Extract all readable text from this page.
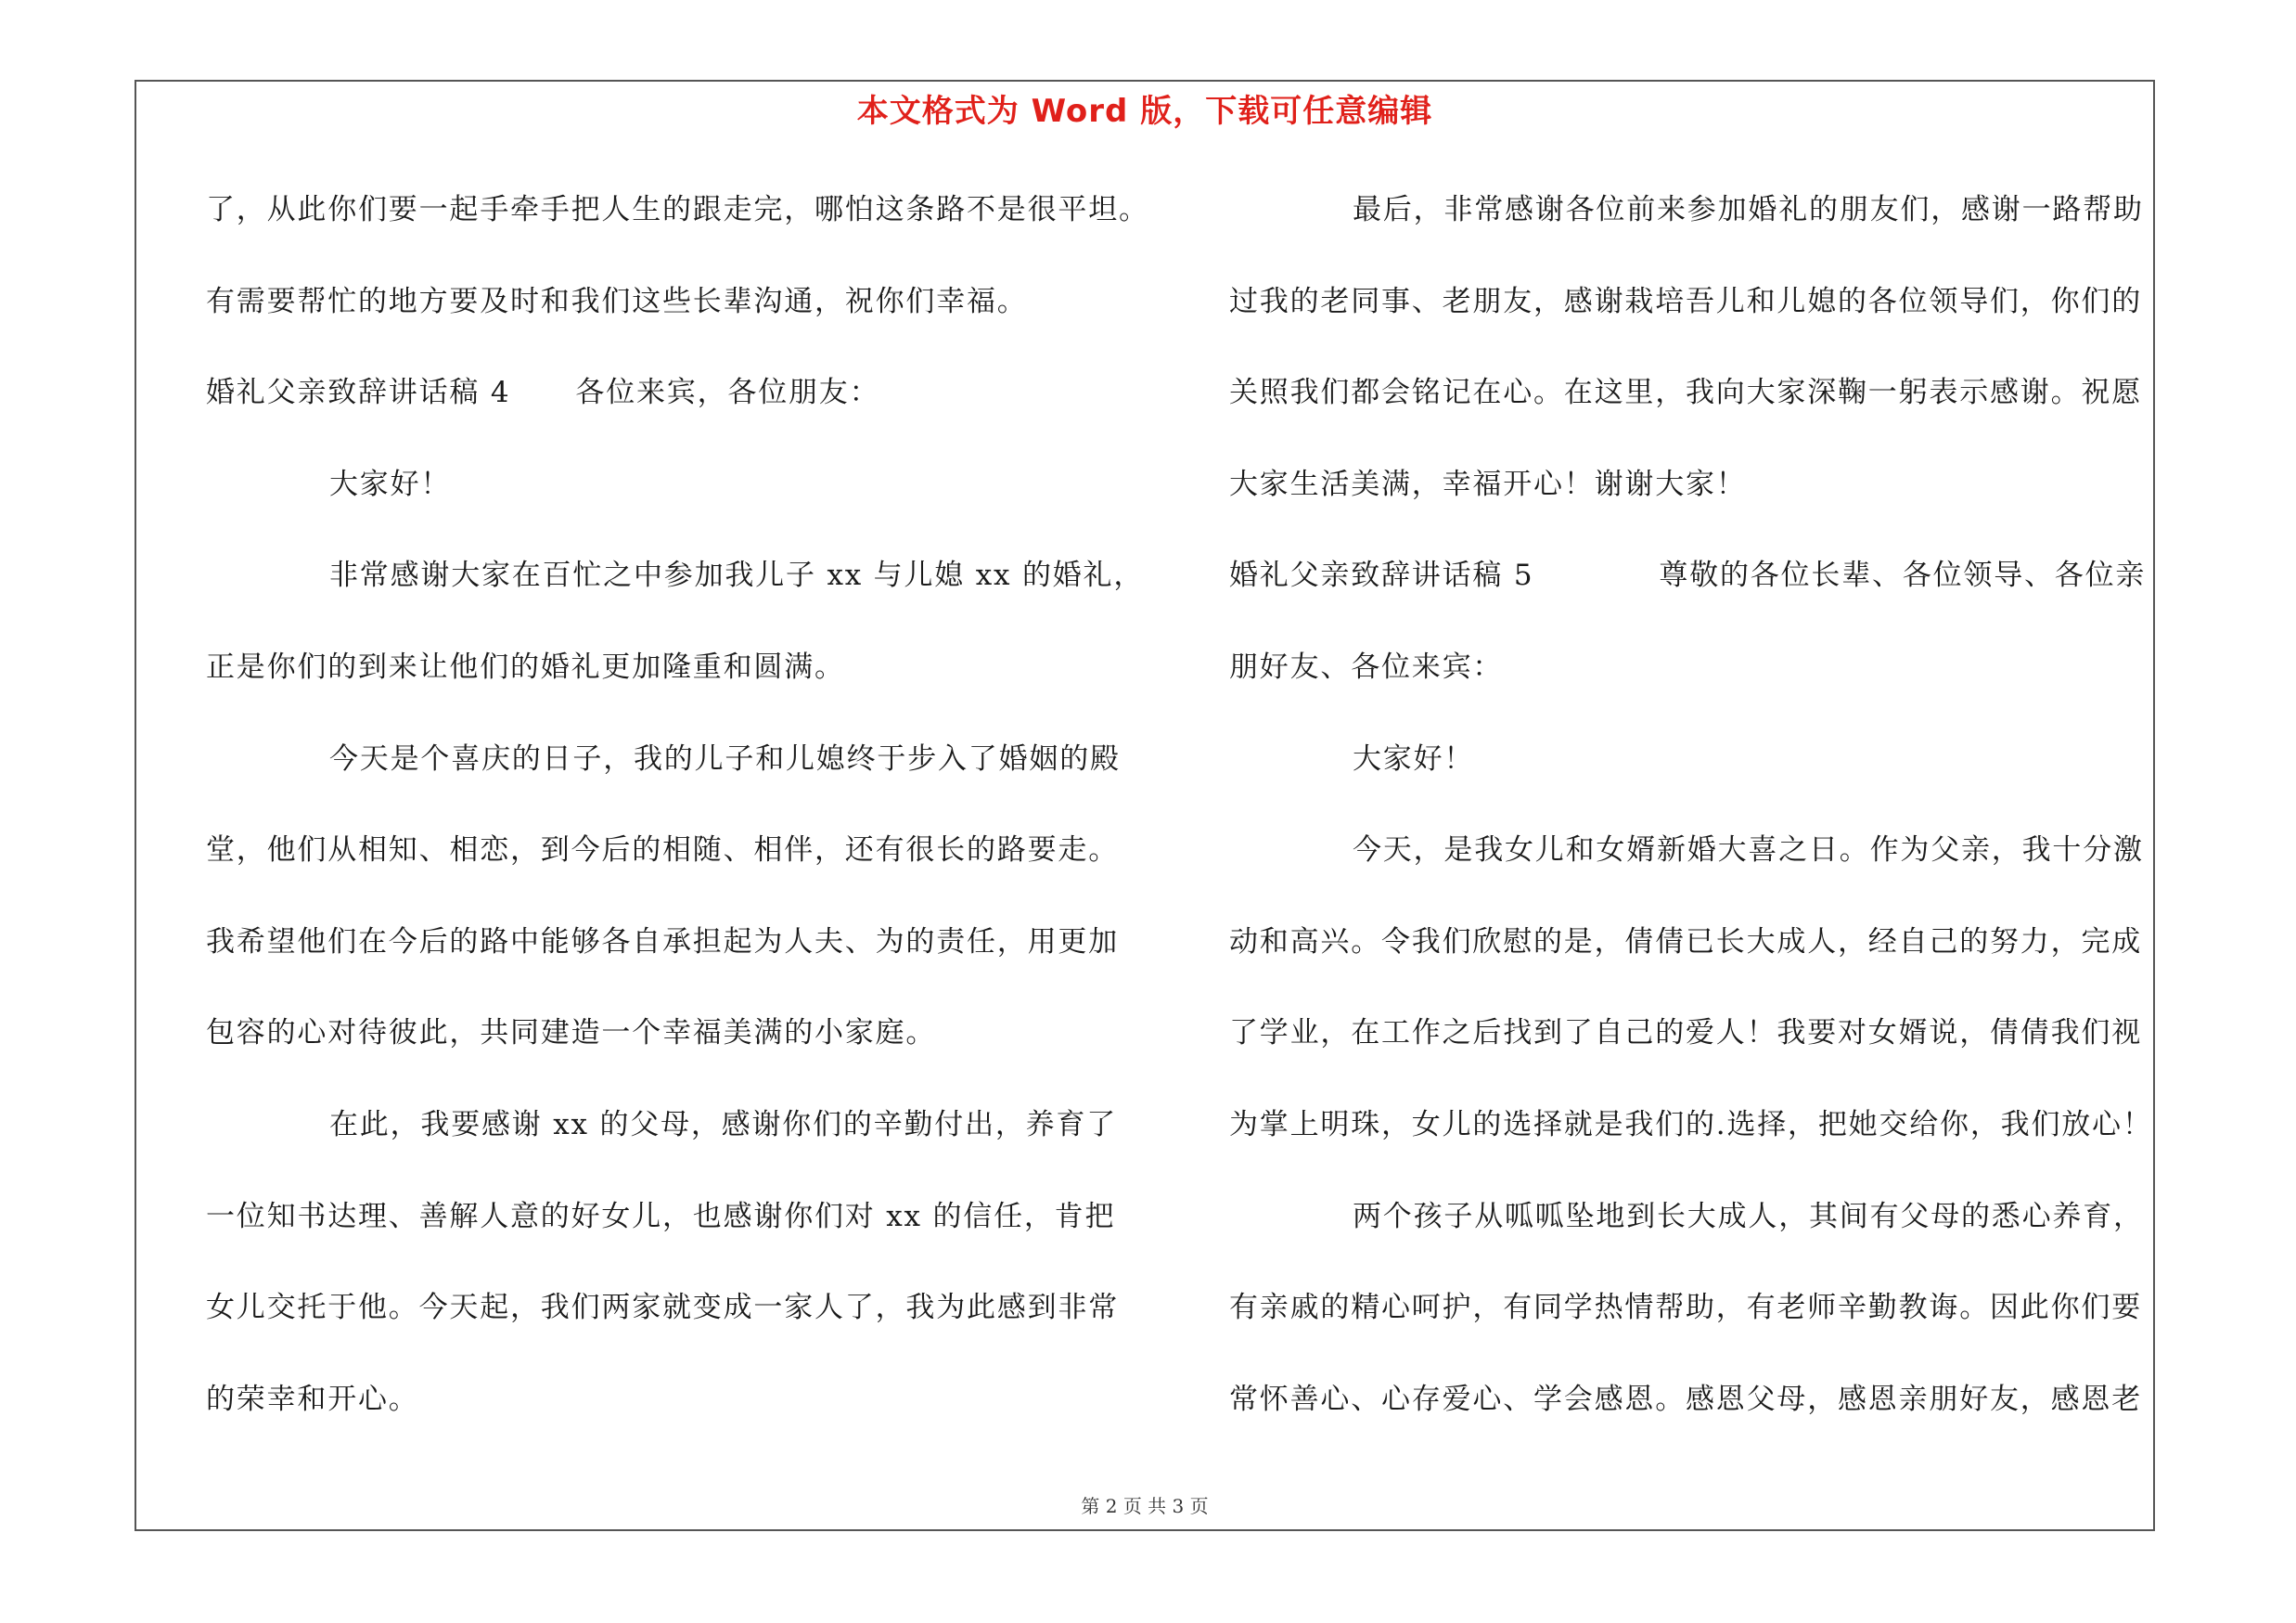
本文格式为 Word 版，下载可任意编辑
了，从此你们要一起手牵手把人生的跟走完，哪怕这条路不是很平坦。
有需要帮忙的地方要及时和我们这些长辈沟通，祝你们幸福。
婚礼父亲致辞讲话稿 4 各位来宾，各位朋友：
大家好！
非常感谢大家在百忙之中参加我儿子 xx 与儿媳 xx 的婚礼，
正是你们的到来让他们的婚礼更加隆重和圆满。
今天是个喜庆的日子，我的儿子和儿媳终于步入了婚姻的殿
堂，他们从相知、相恋，到今后的相随、相伴，还有很长的路要走。
我希望他们在今后的路中能够各自承担起为人夫、为的责任，用更加
包容的心对待彼此，共同建造一个幸福美满的小家庭。
在此，我要感谢 xx 的父母，感谢你们的辛勤付出，养育了
一位知书达理、善解人意的好女儿，也感谢你们对 xx 的信任，肯把
女儿交托于他。今天起，我们两家就变成一家人了，我为此感到非常
的荣幸和开心。
最后，非常感谢各位前来参加婚礼的朋友们，感谢一路帮助
过我的老同事、老朋友，感谢栽培吾儿和儿媳的各位领导们，你们的
关照我们都会铭记在心。在这里，我向大家深鞠一躬表示感谢。祝愿
大家生活美满，幸福开心！谢谢大家！
婚礼父亲致辞讲话稿 5	尊敬的各位长辈、各位领导、各位亲
朋好友、各位来宾：
大家好！
今天，是我女儿和女婿新婚大喜之日。作为父亲，我十分激
动和高兴。令我们欣慰的是，倩倩已长大成人，经自己的努力，完成
了学业，在工作之后找到了自己的爱人！我要对女婿说，倩倩我们视
为掌上明珠，女儿的选择就是我们的.选择，把她交给你，我们放心！
两个孩子从呱呱坠地到长大成人，其间有父母的悉心养育，
有亲戚的精心呵护，有同学热情帮助，有老师辛勤教诲。因此你们要
常怀善心、心存爱心、学会感恩。感恩父母，感恩亲朋好友，感恩老
第 2 页 共 3 页
